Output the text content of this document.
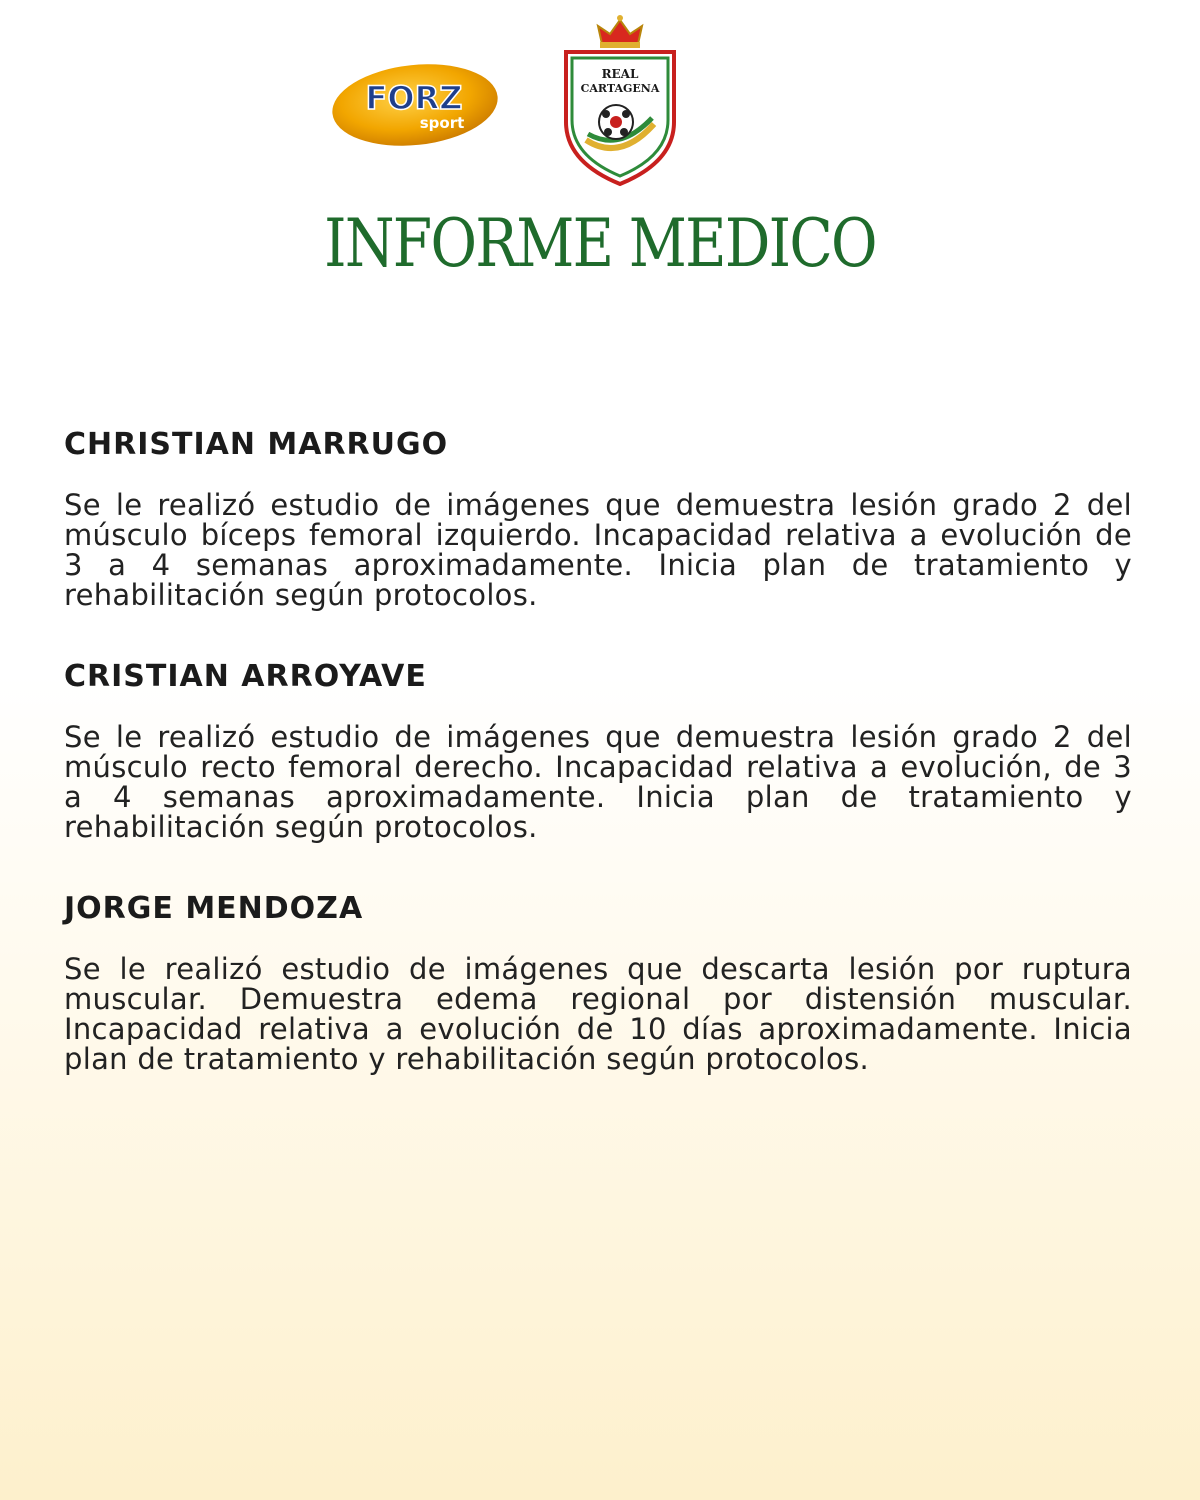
FORZ
sport
REAL
CARTAGENA
INFORME MEDICO
CHRISTIAN MARRUGO

Se le realizó estudio de imágenes que demuestra lesión grado 2 del músculo bíceps femoral izquierdo. Incapacidad relativa a evolución de 3 a 4 semanas aproximadamente. Inicia plan de tratamiento y rehabilitación según protocolos.

CRISTIAN ARROYAVE

Se le realizó estudio de imágenes que demuestra lesión grado 2 del músculo recto femoral derecho. Incapacidad relativa a evolución, de 3 a 4 semanas aproximadamente. Inicia plan de tratamiento y rehabilitación según protocolos.

JORGE MENDOZA

Se le realizó estudio de imágenes que descarta lesión por ruptura muscular. Demuestra edema regional por distensión muscular. Incapacidad relativa a evolución de 10 días aproximadamente. Inicia plan de tratamiento y rehabilitación según protocolos.
